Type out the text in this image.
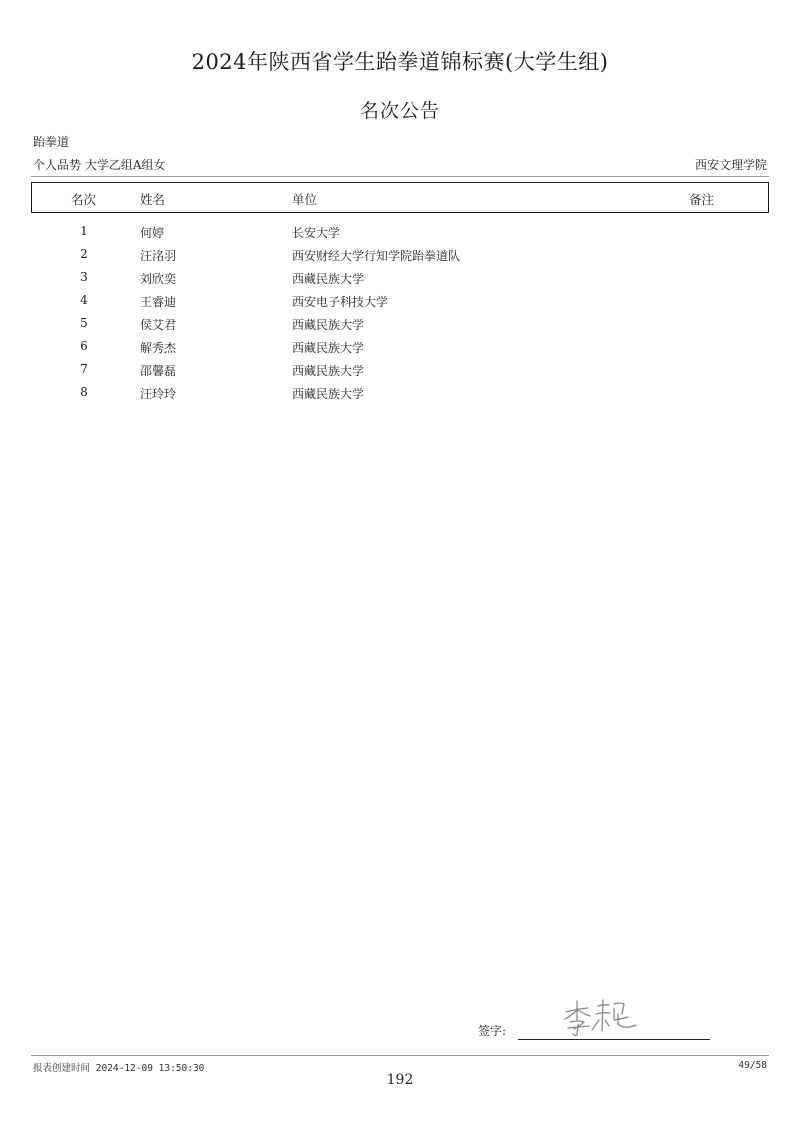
2024年陕西省学生跆拳道锦标赛(大学生组)
名次公告
跆拳道
个人品势 大学乙组A组女	西安文理学院
名次	姓名	单位	备注
1	何婷	长安大学
2	汪洺羽	西安财经大学行知学院跆拳道队
3	刘欣奕	西藏民族大学
4	王睿迪	西安电子科技大学
5	侯艾君	西藏民族大学
6	解秀杰	西藏民族大学
7	邵馨磊	西藏民族大学
8	汪玲玲	西藏民族大学
签字:
报表创建时间 2024-12-09 13:50:30	49/58
192
